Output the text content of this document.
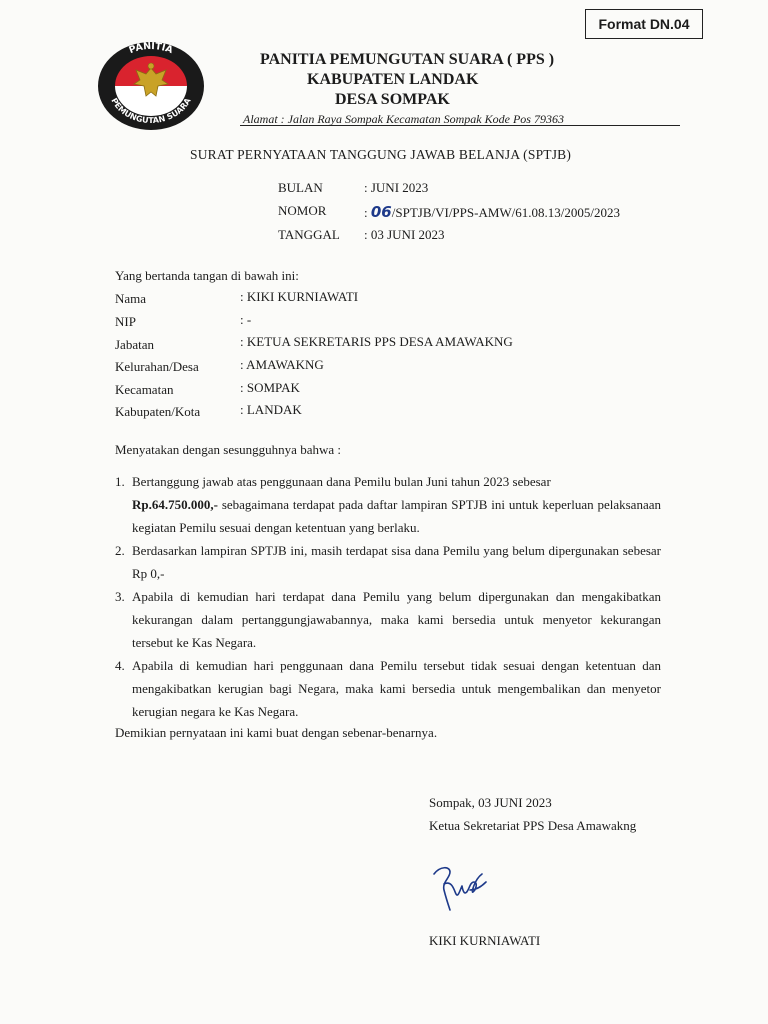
Format DN.04
PANITIA
PEMUNGUTAN SUARA
PANITIA PEMUNGUTAN SUARA ( PPS )
KABUPATEN LANDAK
DESA SOMPAK
Alamat : Jalan Raya Sompak Kecamatan Sompak Kode Pos 79363
SURAT PERNYATAAN TANGGUNG JAWAB BELANJA (SPTJB)
BULAN	: JUNI 2023
NOMOR	: 06/SPTJB/VI/PPS-AMW/61.08.13/2005/2023
TANGGAL : 03 JUNI 2023
Yang bertanda tangan di bawah ini:
Nama	: KIKI KURNIAWATI
NIP	: -
Jabatan	: KETUA SEKRETARIS PPS DESA AMAWAKNG
Kelurahan/Desa	: AMAWAKNG
Kecamatan	: SOMPAK
Kabupaten/Kota	: LANDAK
Menyatakan dengan sesungguhnya bahwa :
1. Bertanggung jawab atas penggunaan dana Pemilu bulan Juni tahun 2023 sebesar
Rp.64.750.000,- sebagaimana terdapat pada daftar lampiran SPTJB ini untuk keperluan pelaksanaan kegiatan Pemilu sesuai dengan ketentuan yang berlaku.
2. Berdasarkan lampiran SPTJB ini, masih terdapat sisa dana Pemilu yang belum dipergunakan sebesar Rp 0,-
3. Apabila di kemudian hari terdapat dana Pemilu yang belum dipergunakan dan mengakibatkan kekurangan dalam pertanggungjawabannya, maka kami bersedia untuk menyetor kekurangan tersebut ke Kas Negara.
4. Apabila di kemudian hari penggunaan dana Pemilu tersebut tidak sesuai dengan ketentuan dan mengakibatkan kerugian bagi Negara, maka kami bersedia untuk mengembalikan dan menyetor kerugian negara ke Kas Negara.
Demikian pernyataan ini kami buat dengan sebenar-benarnya.
Sompak, 03 JUNI 2023
Ketua Sekretariat PPS Desa Amawakng
KIKI KURNIAWATI
